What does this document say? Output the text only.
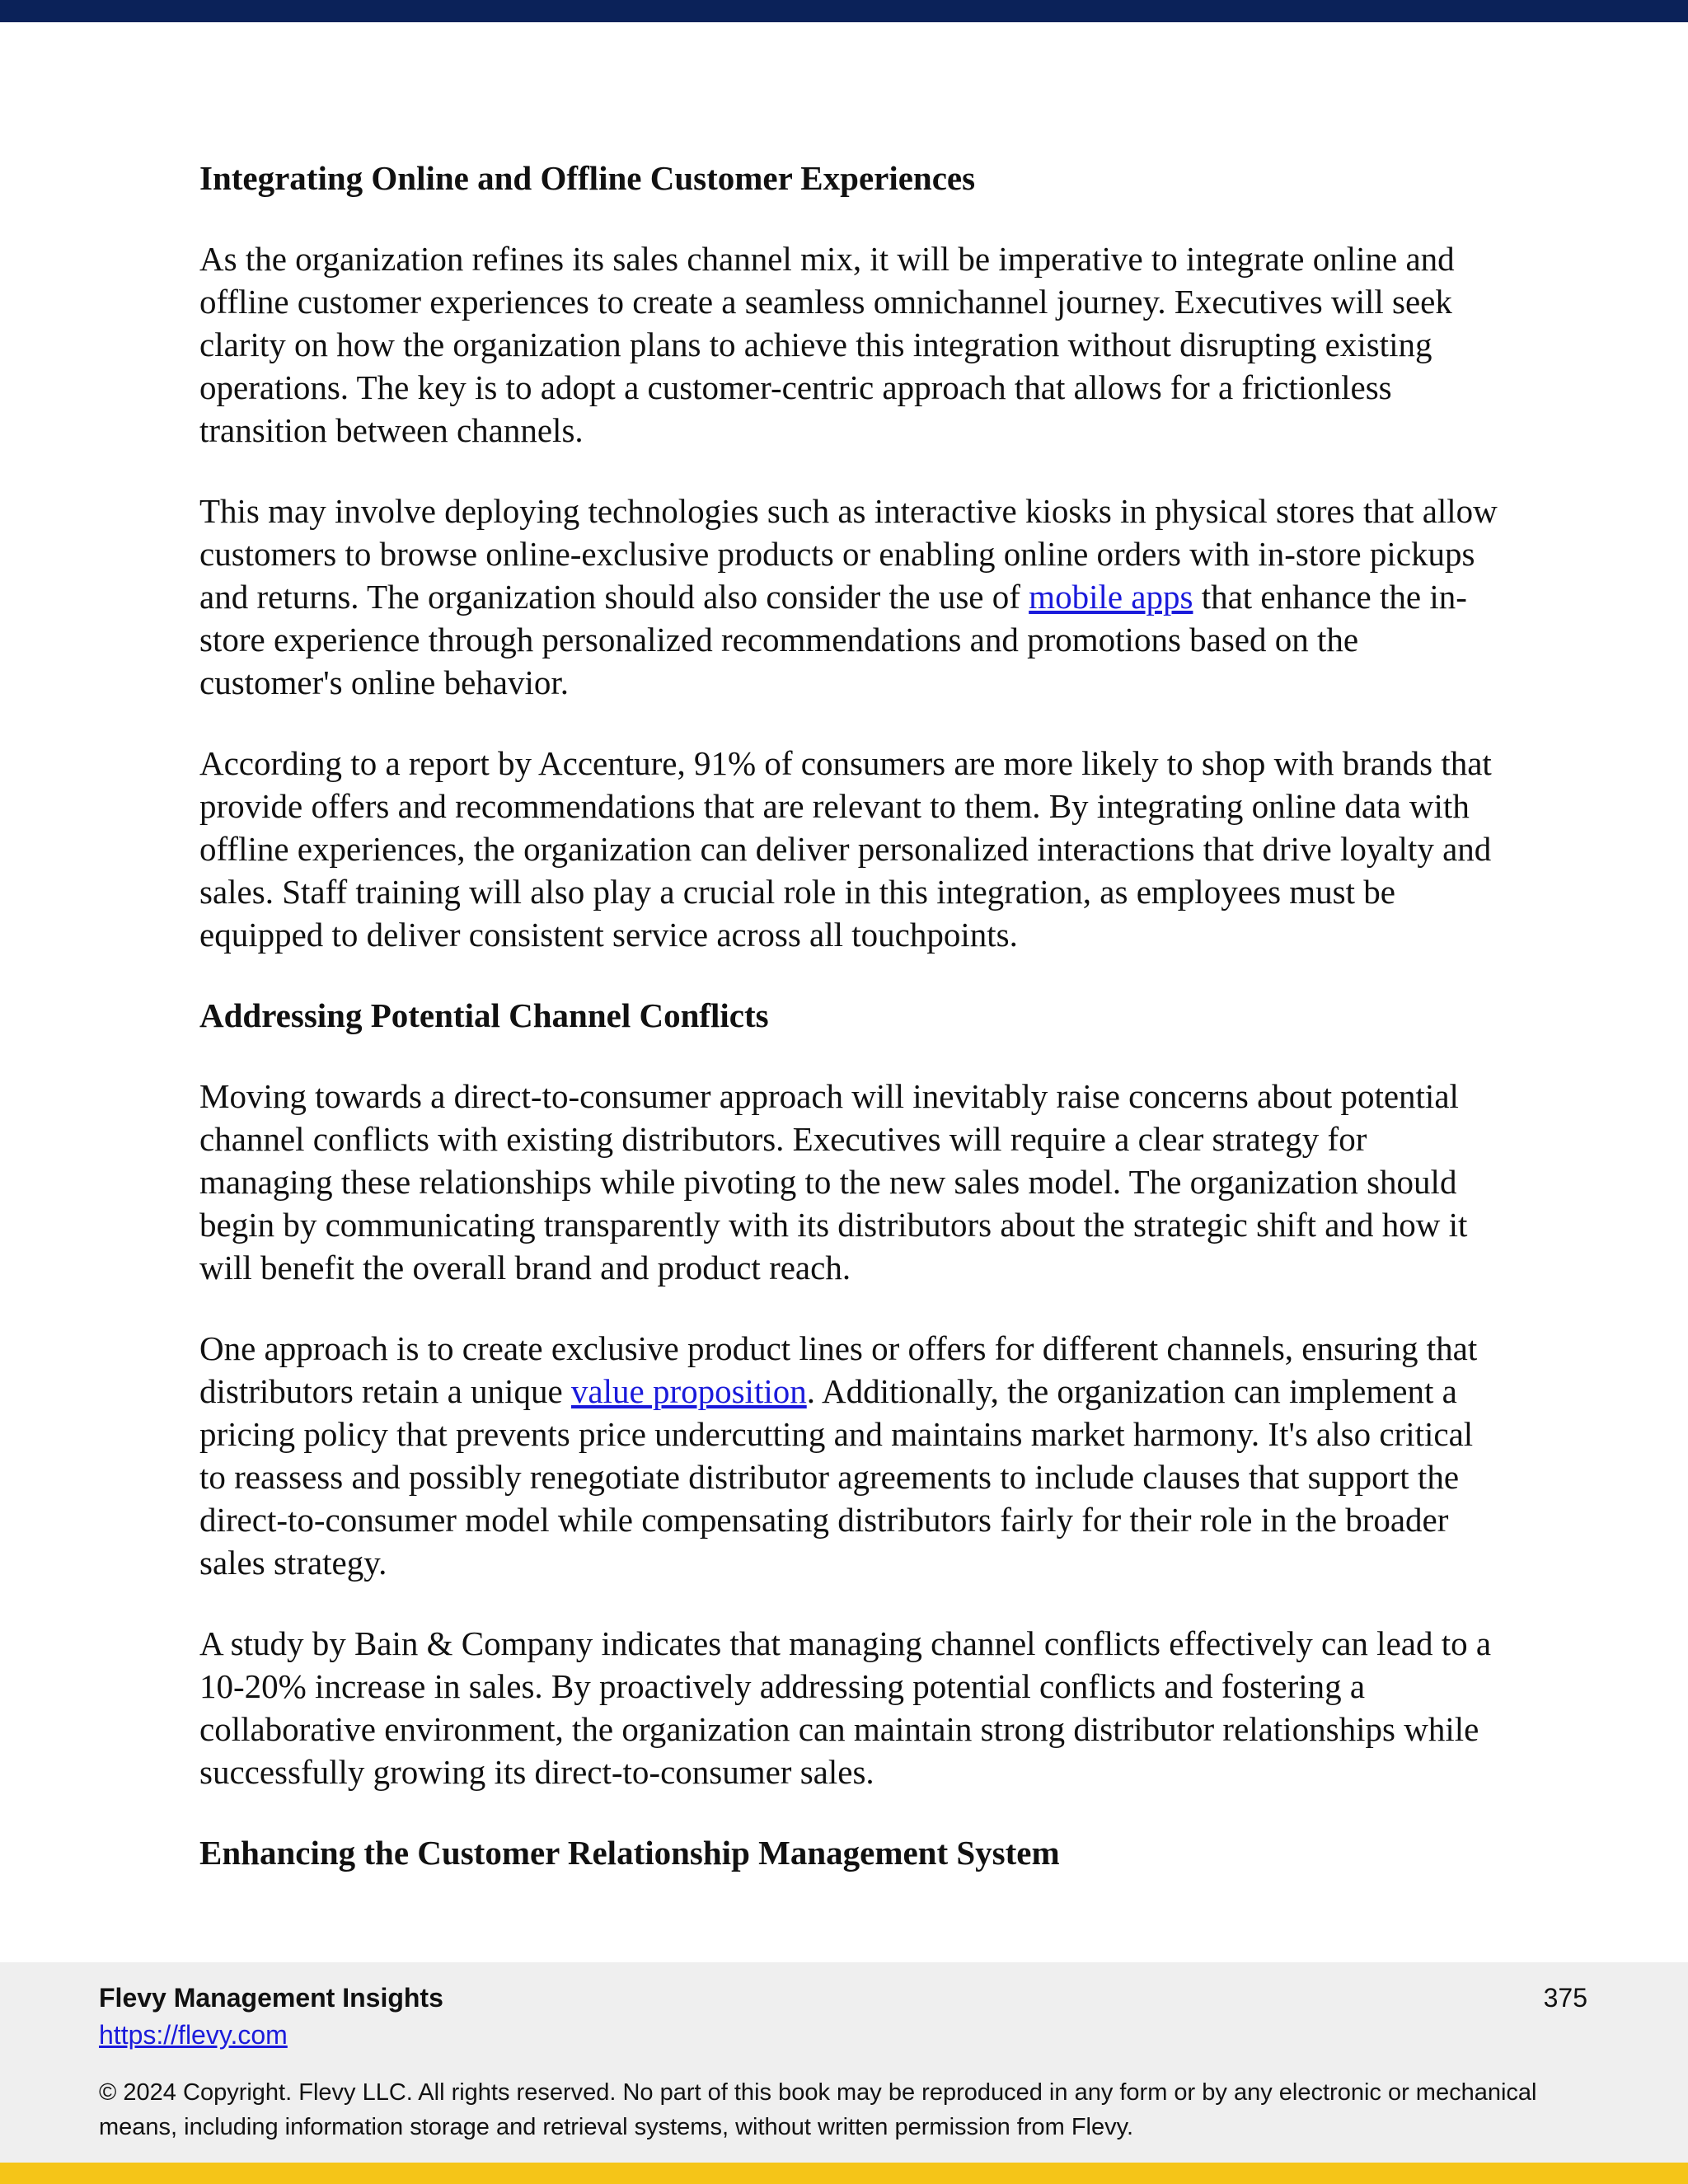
Integrating Online and Offline Customer Experiences

As the organization refines its sales channel mix, it will be imperative to integrate online and offline customer experiences to create a seamless omnichannel journey. Executives will seek clarity on how the organization plans to achieve this integration without disrupting existing operations. The key is to adopt a customer-centric approach that allows for a frictionless transition between channels.

This may involve deploying technologies such as interactive kiosks in physical stores that allow customers to browse online-exclusive products or enabling online orders with in-store pickups and returns. The organization should also consider the use of mobile apps that enhance the in-store experience through personalized recommendations and promotions based on the customer's online behavior.

According to a report by Accenture, 91% of consumers are more likely to shop with brands that provide offers and recommendations that are relevant to them. By integrating online data with offline experiences, the organization can deliver personalized interactions that drive loyalty and sales. Staff training will also play a crucial role in this integration, as employees must be equipped to deliver consistent service across all touchpoints.

Addressing Potential Channel Conflicts

Moving towards a direct-to-consumer approach will inevitably raise concerns about potential channel conflicts with existing distributors. Executives will require a clear strategy for managing these relationships while pivoting to the new sales model. The organization should begin by communicating transparently with its distributors about the strategic shift and how it will benefit the overall brand and product reach.

One approach is to create exclusive product lines or offers for different channels, ensuring that distributors retain a unique value proposition. Additionally, the organization can implement a pricing policy that prevents price undercutting and maintains market harmony. It's also critical to reassess and possibly renegotiate distributor agreements to include clauses that support the direct-to-consumer model while compensating distributors fairly for their role in the broader sales strategy.

A study by Bain & Company indicates that managing channel conflicts effectively can lead to a 10-20% increase in sales. By proactively addressing potential conflicts and fostering a collaborative environment, the organization can maintain strong distributor relationships while successfully growing its direct-to-consumer sales.

Enhancing the Customer Relationship Management System
Flevy Management Insights
https://flevy.com
375
© 2024 Copyright. Flevy LLC. All rights reserved. No part of this book may be reproduced in any form or by any electronic or mechanical means, including information storage and retrieval systems, without written permission from Flevy.
